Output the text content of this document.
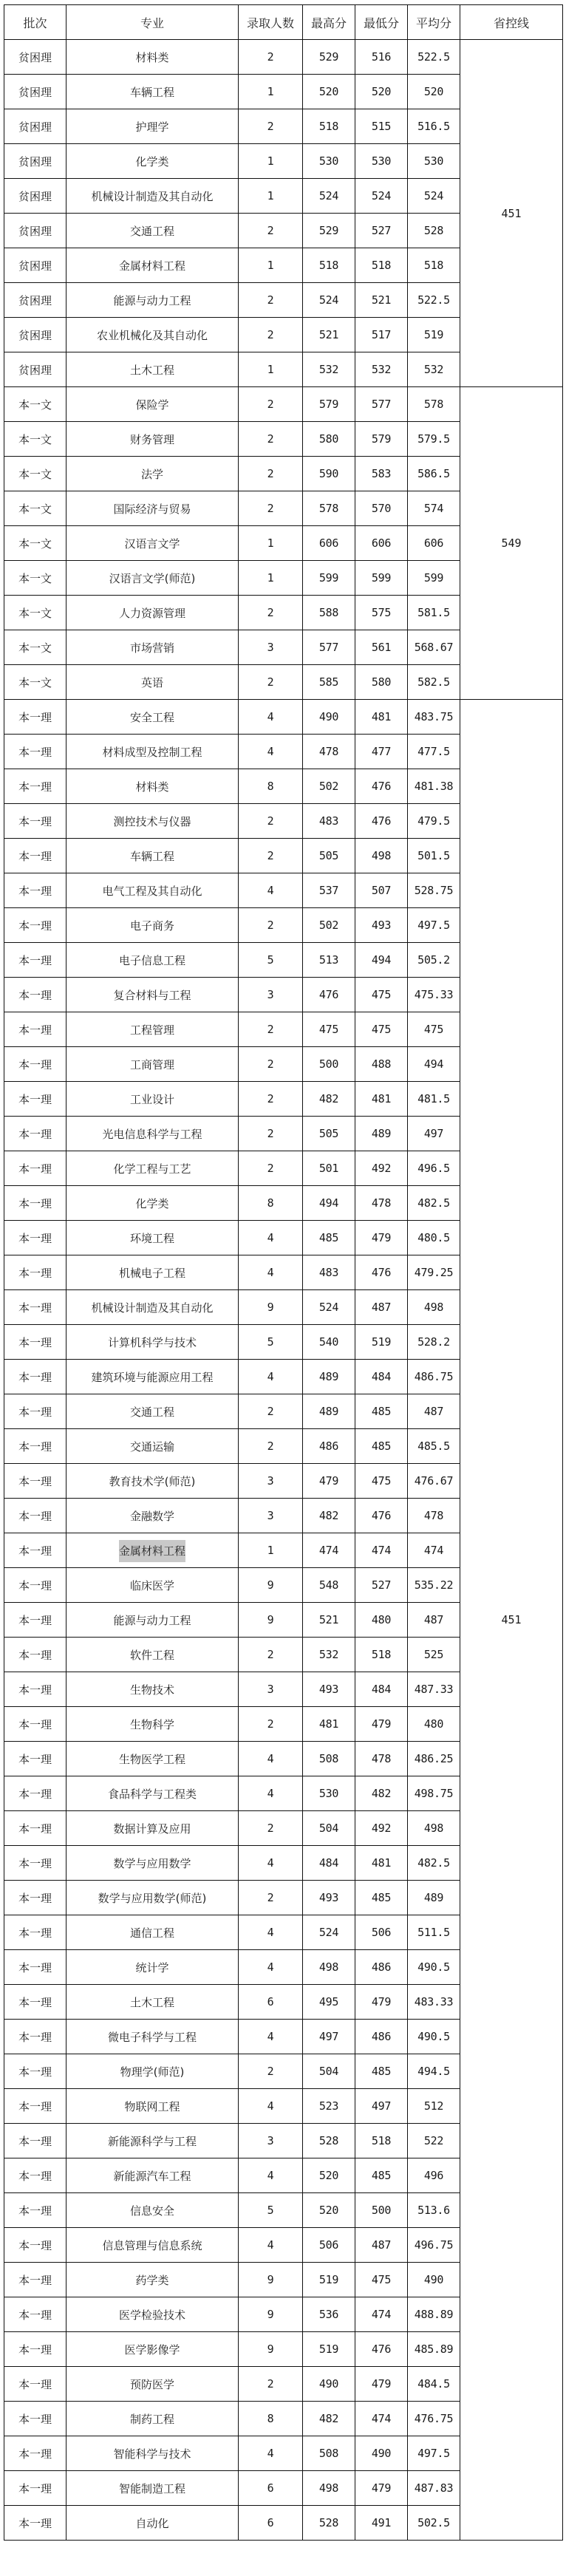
批次	专业	录取人数	最高分	最低分	平均分	省控线
贫困理	材料类	2	529	516	522.5	451
贫困理	车辆工程	1	520	520	520	
贫困理	护理学	2	518	515	516.5	
贫困理	化学类	1	530	530	530	
贫困理	机械设计制造及其自动化	1	524	524	524	
贫困理	交通工程	2	529	527	528	
贫困理	金属材料工程	1	518	518	518	
贫困理	能源与动力工程	2	524	521	522.5	
贫困理	农业机械化及其自动化	2	521	517	519	
贫困理	土木工程	1	532	532	532	
本一文	保险学	2	579	577	578	549
本一文	财务管理	2	580	579	579.5	
本一文	法学	2	590	583	586.5	
本一文	国际经济与贸易	2	578	570	574	
本一文	汉语言文学	1	606	606	606	
本一文	汉语言文学(师范)	1	599	599	599	
本一文	人力资源管理	2	588	575	581.5	
本一文	市场营销	3	577	561	568.67	
本一文	英语	2	585	580	582.5	
本一理	安全工程	4	490	481	483.75	451
本一理	材料成型及控制工程	4	478	477	477.5	
本一理	材料类	8	502	476	481.38	
本一理	测控技术与仪器	2	483	476	479.5	
本一理	车辆工程	2	505	498	501.5	
本一理	电气工程及其自动化	4	537	507	528.75	
本一理	电子商务	2	502	493	497.5	
本一理	电子信息工程	5	513	494	505.2	
本一理	复合材料与工程	3	476	475	475.33	
本一理	工程管理	2	475	475	475	
本一理	工商管理	2	500	488	494	
本一理	工业设计	2	482	481	481.5	
本一理	光电信息科学与工程	2	505	489	497	
本一理	化学工程与工艺	2	501	492	496.5	
本一理	化学类	8	494	478	482.5	
本一理	环境工程	4	485	479	480.5	
本一理	机械电子工程	4	483	476	479.25	
本一理	机械设计制造及其自动化	9	524	487	498	
本一理	计算机科学与技术	5	540	519	528.2	
本一理	建筑环境与能源应用工程	4	489	484	486.75	
本一理	交通工程	2	489	485	487	
本一理	交通运输	2	486	485	485.5	
本一理	教育技术学(师范)	3	479	475	476.67	
本一理	金融数学	3	482	476	478	
本一理	金属材料工程	1	474	474	474	
本一理	临床医学	9	548	527	535.22	
本一理	能源与动力工程	9	521	480	487	
本一理	软件工程	2	532	518	525	
本一理	生物技术	3	493	484	487.33	
本一理	生物科学	2	481	479	480	
本一理	生物医学工程	4	508	478	486.25	
本一理	食品科学与工程类	4	530	482	498.75	
本一理	数据计算及应用	2	504	492	498	
本一理	数学与应用数学	4	484	481	482.5	
本一理	数学与应用数学(师范)	2	493	485	489	
本一理	通信工程	4	524	506	511.5	
本一理	统计学	4	498	486	490.5	
本一理	土木工程	6	495	479	483.33	
本一理	微电子科学与工程	4	497	486	490.5	
本一理	物理学(师范)	2	504	485	494.5	
本一理	物联网工程	4	523	497	512	
本一理	新能源科学与工程	3	528	518	522	
本一理	新能源汽车工程	4	520	485	496	
本一理	信息安全	5	520	500	513.6	
本一理	信息管理与信息系统	4	506	487	496.75	
本一理	药学类	9	519	475	490	
本一理	医学检验技术	9	536	474	488.89	
本一理	医学影像学	9	519	476	485.89	
本一理	预防医学	2	490	479	484.5	
本一理	制药工程	8	482	474	476.75	
本一理	智能科学与技术	4	508	490	497.5	
本一理	智能制造工程	6	498	479	487.83	
本一理	自动化	6	528	491	502.5	
